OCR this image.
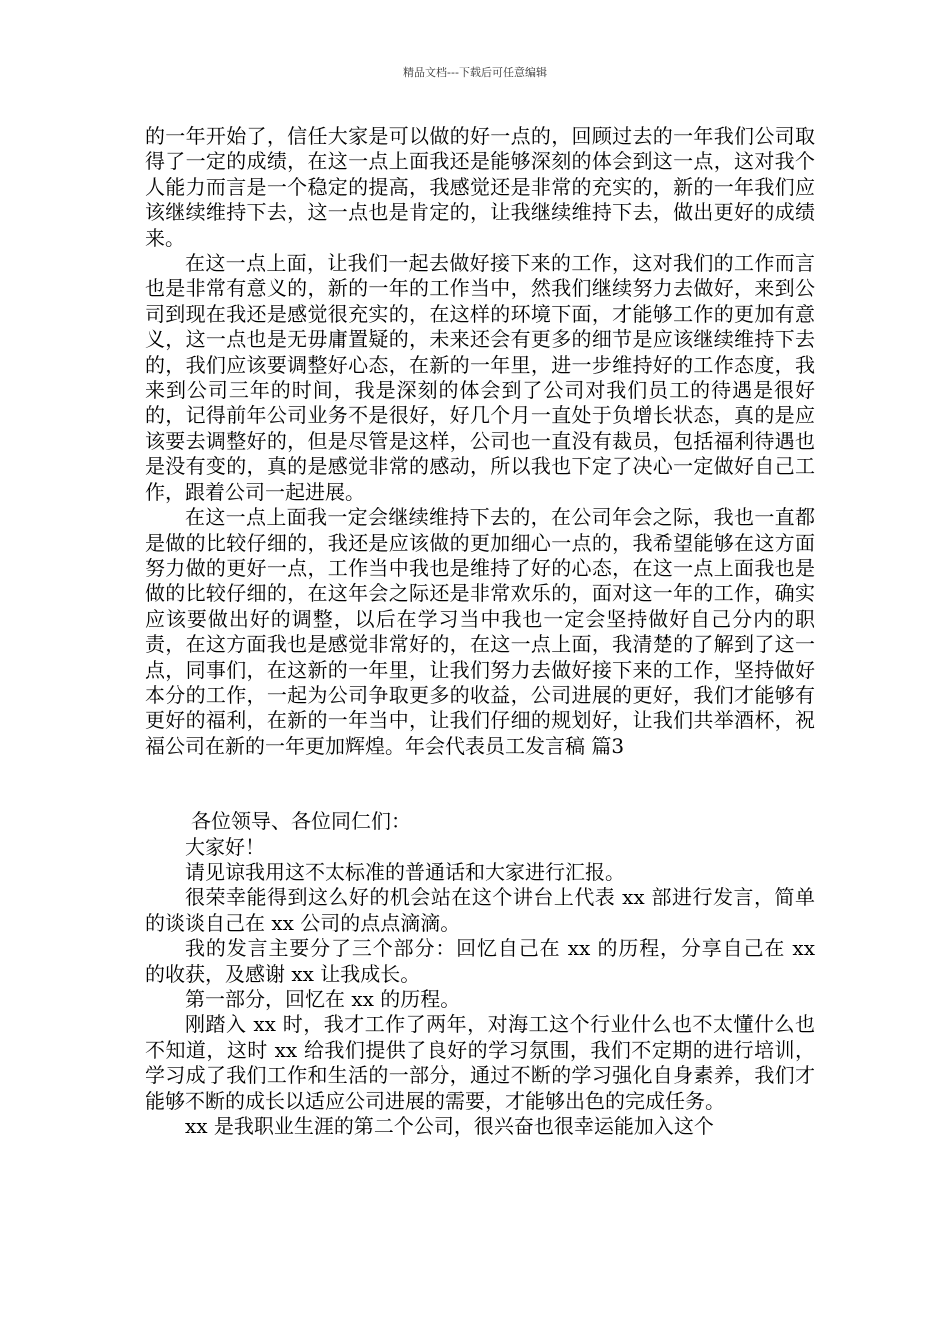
精品文档---下载后可任意编辑

的一年开始了，信任大家是可以做的好一点的，回顾过去的一年我们公司取得了一定的成绩，在这一点上面我还是能够深刻的体会到这一点，这对我个人能力而言是一个稳定的提高，我感觉还是非常的充实的，新的一年我们应该继续维持下去，这一点也是肯定的，让我继续维持下去，做出更好的成绩来。

在这一点上面，让我们一起去做好接下来的工作，这对我们的工作而言也是非常有意义的，新的一年的工作当中，然我们继续努力去做好，来到公司到现在我还是感觉很充实的，在这样的环境下面，才能够工作的更加有意义，这一点也是无毋庸置疑的，未来还会有更多的细节是应该继续维持下去的，我们应该要调整好心态，在新的一年里，进一步维持好的工作态度，我来到公司三年的时间，我是深刻的体会到了公司对我们员工的待遇是很好的，记得前年公司业务不是很好，好几个月一直处于负增长状态，真的是应该要去调整好的，但是尽管是这样，公司也一直没有裁员，包括福利待遇也是没有变的，真的是感觉非常的感动，所以我也下定了决心一定做好自己工作，跟着公司一起进展。

在这一点上面我一定会继续维持下去的，在公司年会之际，我也一直都是做的比较仔细的，我还是应该做的更加细心一点的，我希望能够在这方面努力做的更好一点，工作当中我也是维持了好的心态，在这一点上面我也是做的比较仔细的，在这年会之际还是非常欢乐的，面对这一年的工作，确实应该要做出好的调整，以后在学习当中我也一定会坚持做好自己分内的职责，在这方面我也是感觉非常好的，在这一点上面，我清楚的了解到了这一点，同事们，在这新的一年里，让我们努力去做好接下来的工作，坚持做好本分的工作，一起为公司争取更多的收益，公司进展的更好，我们才能够有更好的福利，在新的一年当中，让我们仔细的规划好，让我们共举酒杯，祝福公司在新的一年更加辉煌。年会代表员工发言稿 篇3

各位领导、各位同仁们：

大家好！

请见谅我用这不太标准的普通话和大家进行汇报。

很荣幸能得到这么好的机会站在这个讲台上代表 xx 部进行发言，简单的谈谈自己在 xx 公司的点点滴滴。

我的发言主要分了三个部分：回忆自己在 xx 的历程，分享自己在 xx 的收获，及感谢 xx 让我成长。

第一部分，回忆在 xx 的历程。

刚踏入 xx 时，我才工作了两年，对海工这个行业什么也不太懂什么也不知道，这时 xx 给我们提供了良好的学习氛围，我们不定期的进行培训，学习成了我们工作和生活的一部分，通过不断的学习强化自身素养，我们才能够不断的成长以适应公司进展的需要，才能够出色的完成任务。

xx 是我职业生涯的第二个公司，很兴奋也很幸运能加入这个
